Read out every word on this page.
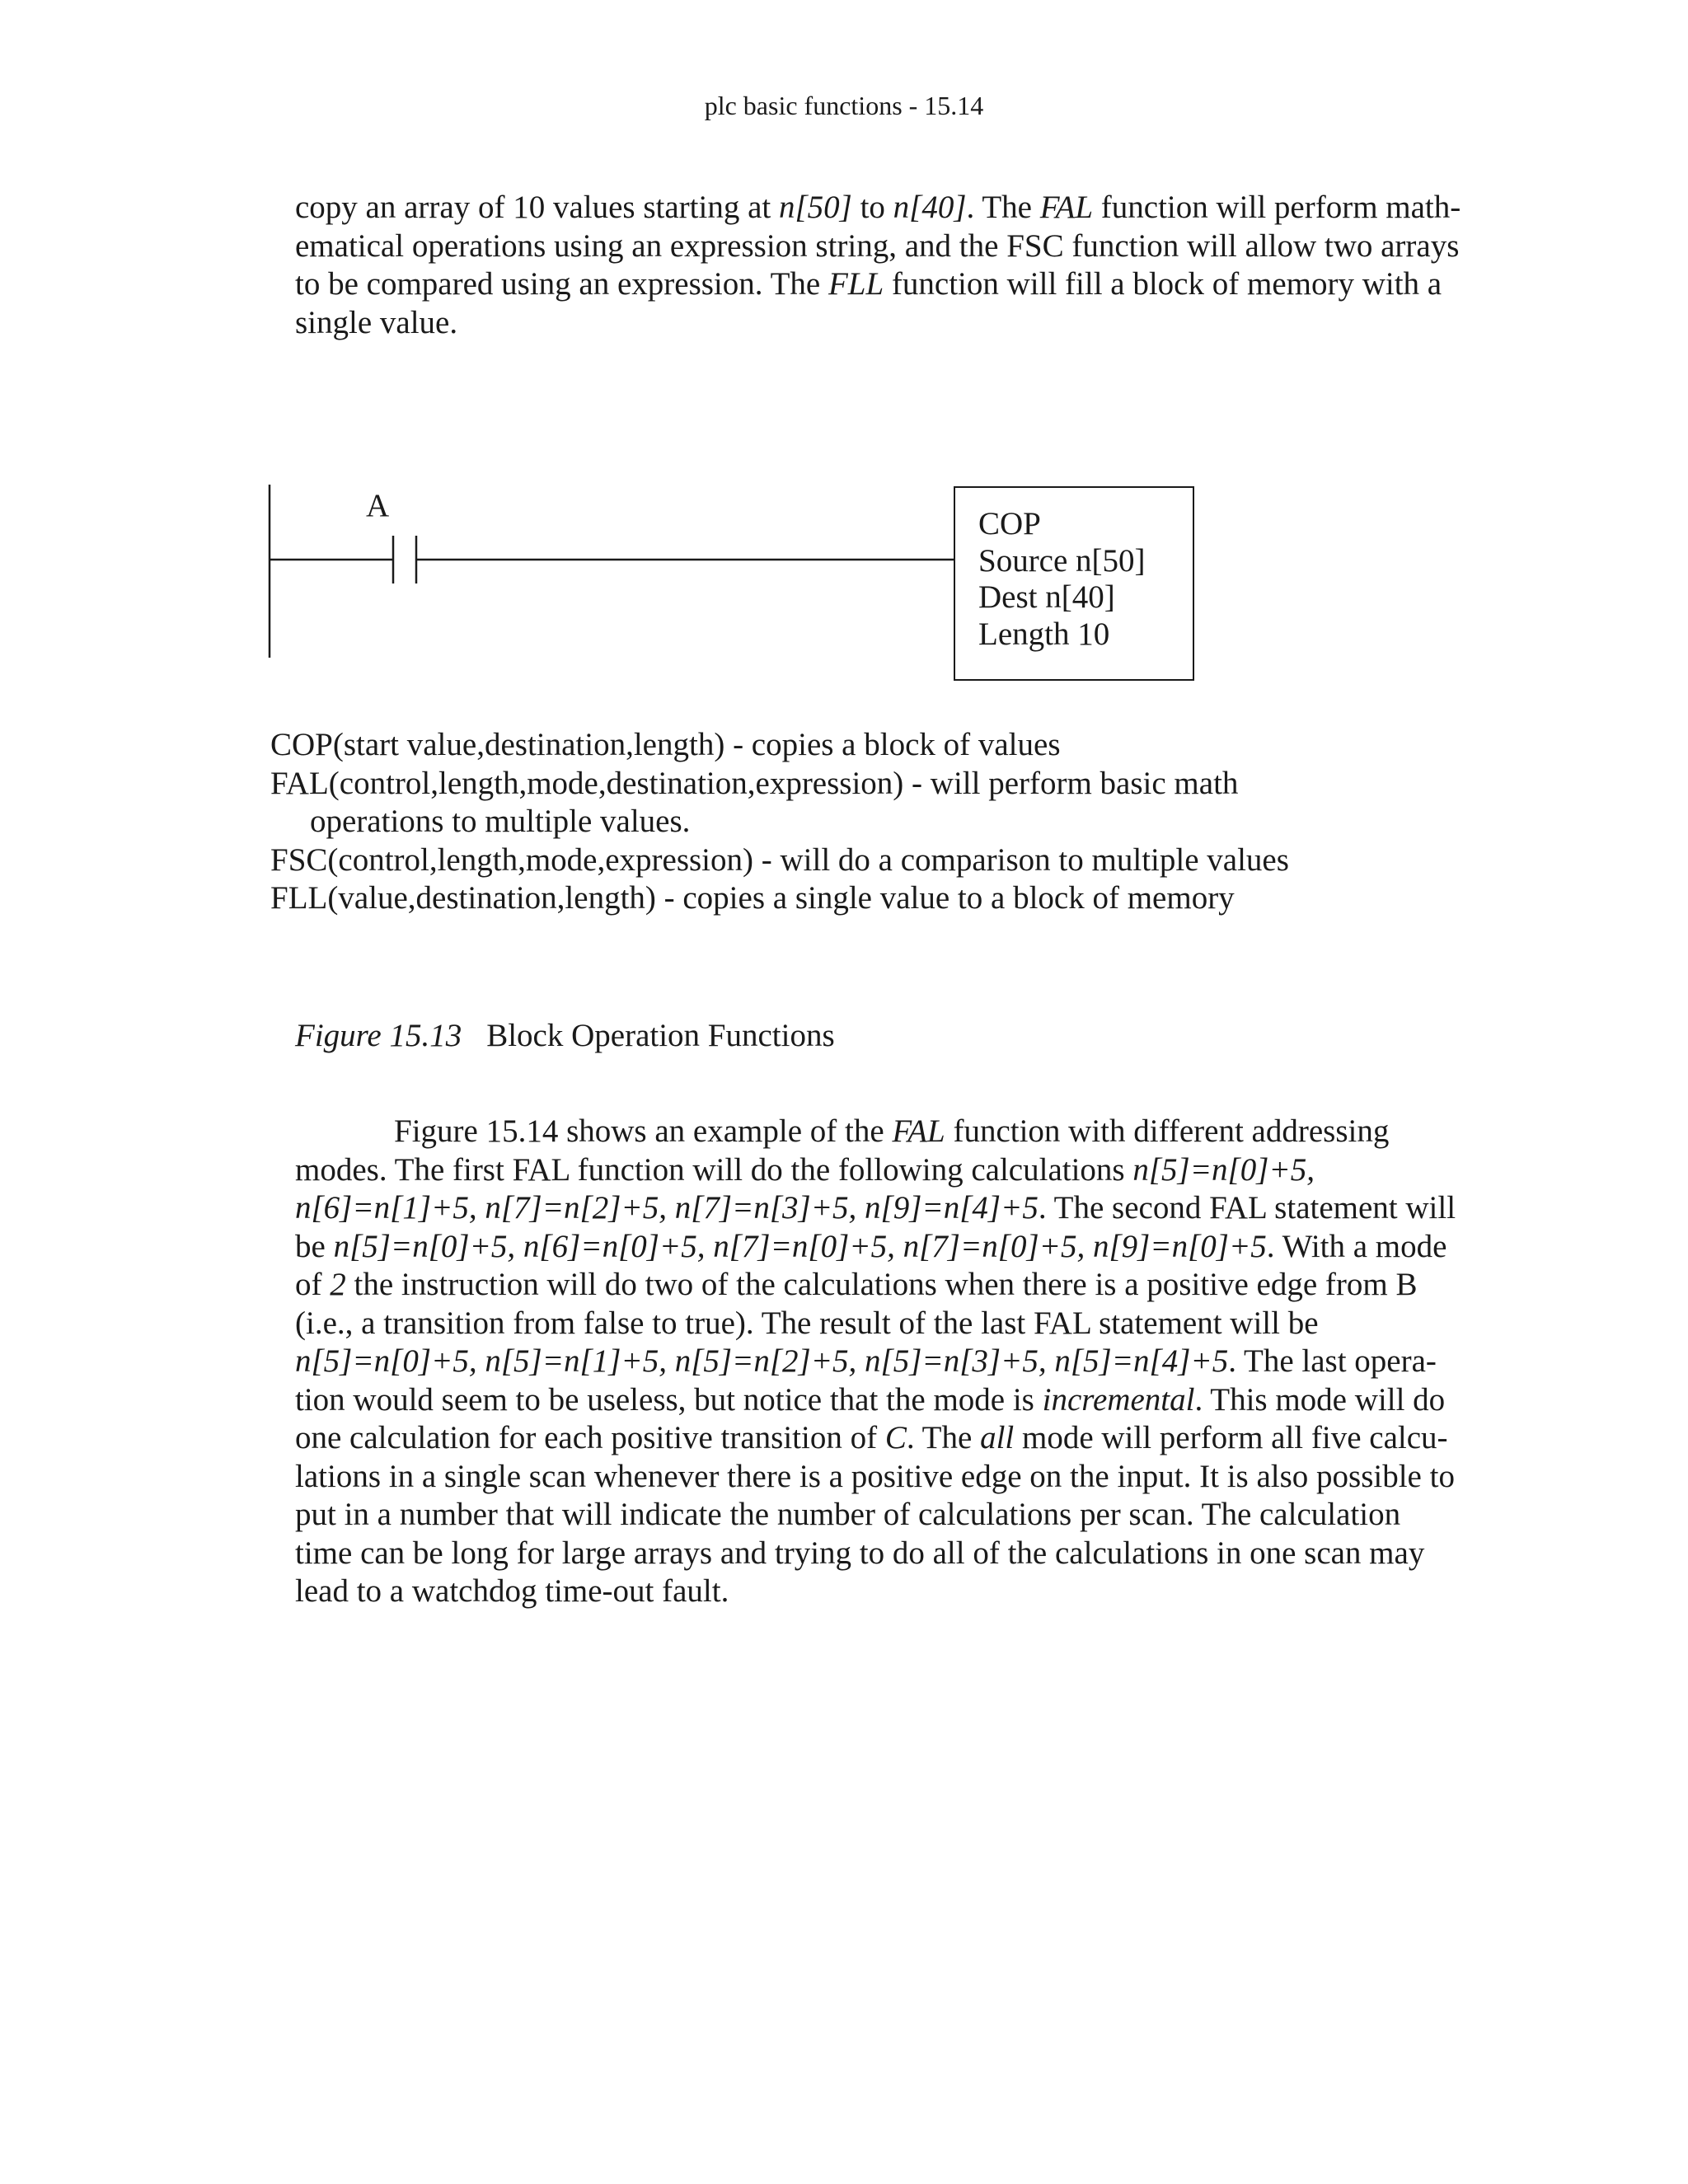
plc basic functions - 15.14
copy an array of 10 values starting at n[50] to n[40]. The FAL function will perform math-
ematical operations using an expression string, and the FSC function will allow two arrays
to be compared using an expression. The FLL function will fill a block of memory with a
single value.
A
COP
Source n[50]
Dest n[40]
Length 10
COP(start value,destination,length) - copies a block of values
FAL(control,length,mode,destination,expression) - will perform basic math
operations to multiple values.
FSC(control,length,mode,expression) - will do a comparison to multiple values
FLL(value,destination,length) - copies a single value to a block of memory
Figure 15.13 Block Operation Functions
Figure 15.14 shows an example of the FAL function with different addressing
modes. The first FAL function will do the following calculations n[5]=n[0]+5,
n[6]=n[1]+5, n[7]=n[2]+5, n[7]=n[3]+5, n[9]=n[4]+5. The second FAL statement will
be n[5]=n[0]+5, n[6]=n[0]+5, n[7]=n[0]+5, n[7]=n[0]+5, n[9]=n[0]+5. With a mode
of 2 the instruction will do two of the calculations when there is a positive edge from B
(i.e., a transition from false to true). The result of the last FAL statement will be
n[5]=n[0]+5, n[5]=n[1]+5, n[5]=n[2]+5, n[5]=n[3]+5, n[5]=n[4]+5. The last opera-
tion would seem to be useless, but notice that the mode is incremental. This mode will do
one calculation for each positive transition of C. The all mode will perform all five calcu-
lations in a single scan whenever there is a positive edge on the input. It is also possible to
put in a number that will indicate the number of calculations per scan. The calculation
time can be long for large arrays and trying to do all of the calculations in one scan may
lead to a watchdog time-out fault.
